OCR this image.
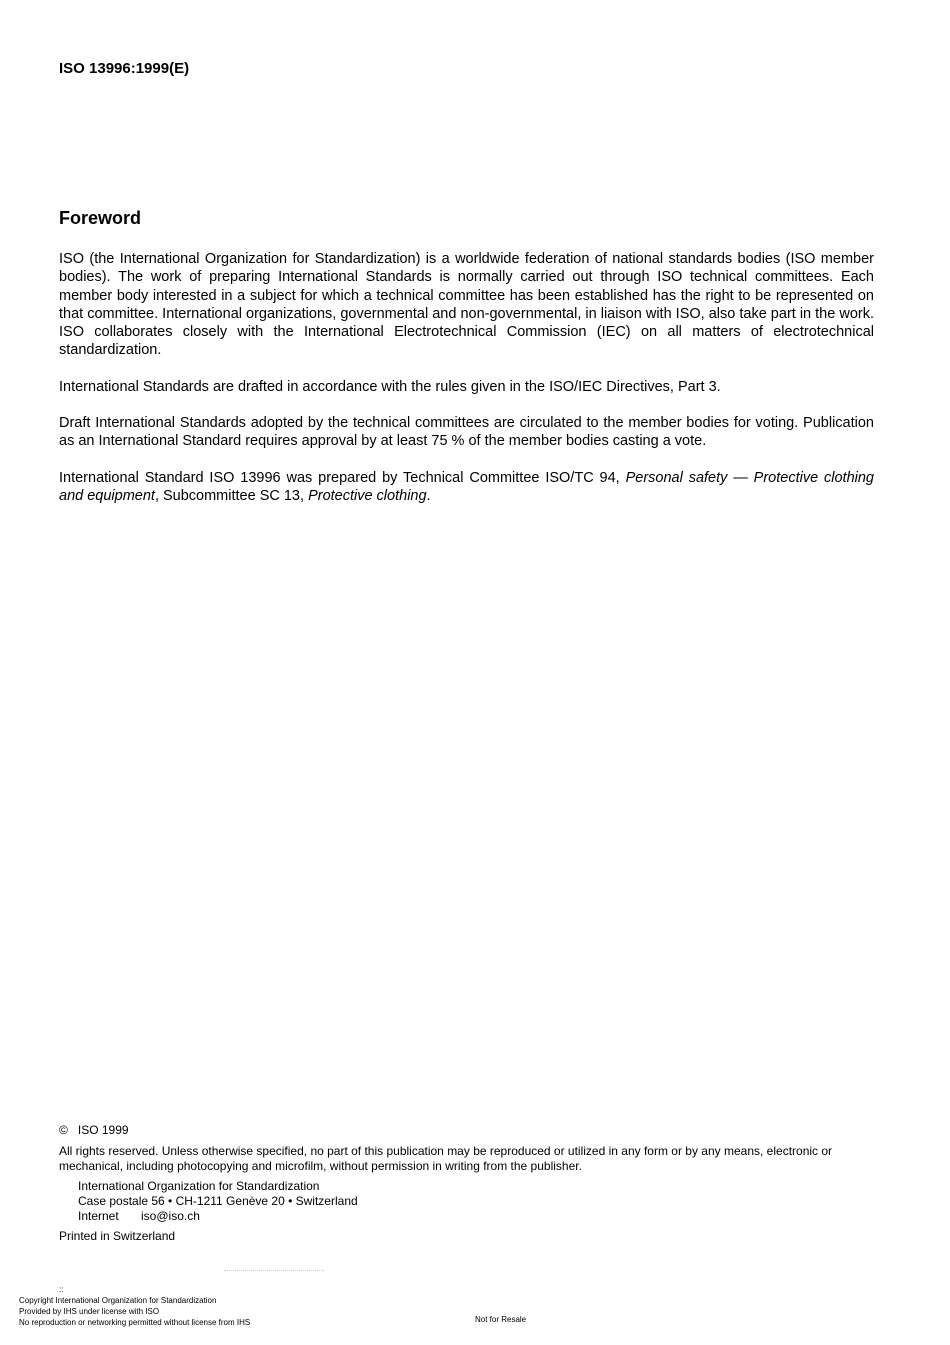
ISO 13996:1999(E)
Foreword

ISO (the International Organization for Standardization) is a worldwide federation of national standards bodies (ISO member bodies). The work of preparing International Standards is normally carried out through ISO technical committees. Each member body interested in a subject for which a technical committee has been established has the right to be represented on that committee. International organizations, governmental and non-governmental, in liaison with ISO, also take part in the work. ISO collaborates closely with the International Electrotechnical Commission (IEC) on all matters of electrotechnical standardization.

International Standards are drafted in accordance with the rules given in the ISO/IEC Directives, Part 3.

Draft International Standards adopted by the technical committees are circulated to the member bodies for voting. Publication as an International Standard requires approval by at least 75 % of the member bodies casting a vote.

International Standard ISO 13996 was prepared by Technical Committee ISO/TC 94, Personal safety — Protective clothing and equipment, Subcommittee SC 13, Protective clothing.

© ISO 1999
All rights reserved. Unless otherwise specified, no part of this publication may be reproduced or utilized in any form or by any means, electronic or mechanical, including photocopying and microfilm, without permission in writing from the publisher.
International Organization for Standardization
Case postale 56 • CH-1211 Genève 20 • Switzerland
Internet iso@iso.ch
Printed in Switzerland
::
Copyright International Organization for Standardization
Provided by IHS under license with ISO
No reproduction or networking permitted without license from IHS	Not for Resale
